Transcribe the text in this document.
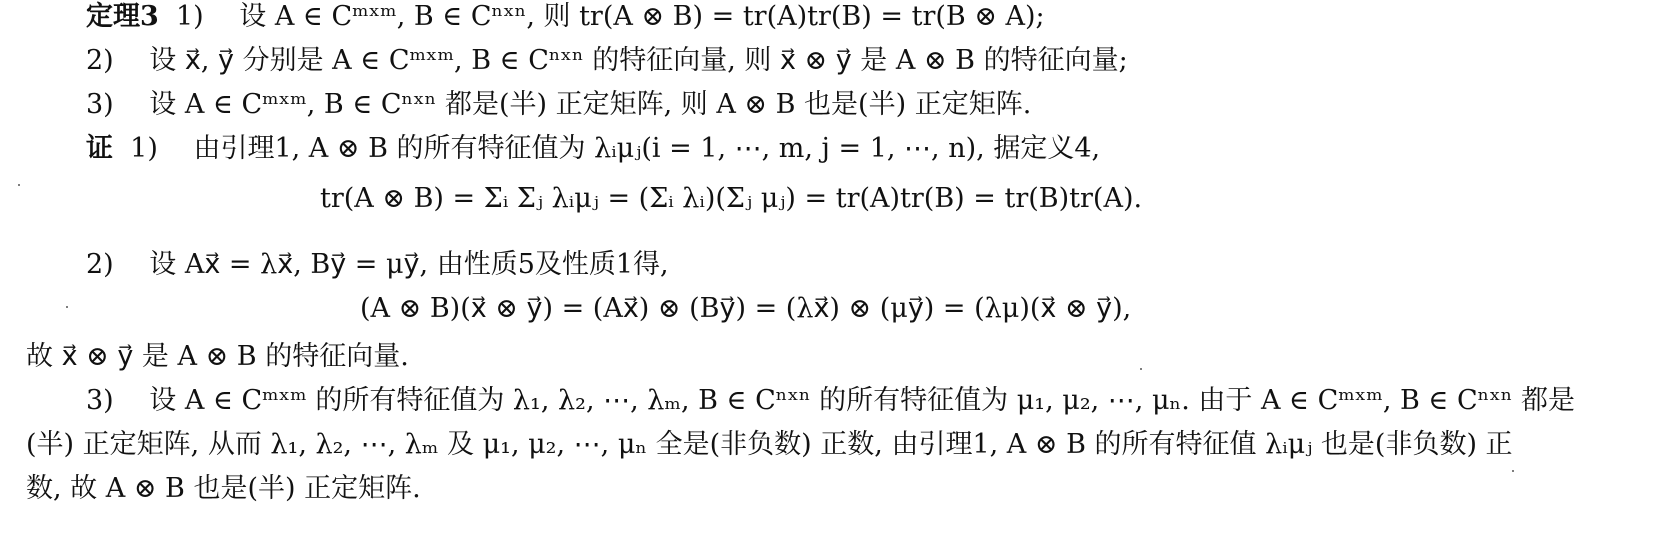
定理3 1)　 设 A ∈ Cᵐˣᵐ, B ∈ Cⁿˣⁿ, 则 tr(A ⊗ B) = tr(A)tr(B) = tr(B ⊗ A);
2)　 设 x⃗, y⃗ 分别是 A ∈ Cᵐˣᵐ, B ∈ Cⁿˣⁿ 的特征向量, 则 x⃗ ⊗ y⃗ 是 A ⊗ B 的特征向量;
3)　 设 A ∈ Cᵐˣᵐ, B ∈ Cⁿˣⁿ 都是(半) 正定矩阵, 则 A ⊗ B 也是(半) 正定矩阵.
证 1)　 由引理1, A ⊗ B 的所有特征值为 λᵢμⱼ(i = 1, ⋯, m, j = 1, ⋯, n), 据定义4,
tr(A ⊗ B) = Σᵢ Σⱼ λᵢμⱼ = (Σᵢ λᵢ)(Σⱼ μⱼ) = tr(A)tr(B) = tr(B)tr(A).
2)　 设 Ax⃗ = λx⃗, By⃗ = μy⃗, 由性质5及性质1得,
(A ⊗ B)(x⃗ ⊗ y⃗) = (Ax⃗) ⊗ (By⃗) = (λx⃗) ⊗ (μy⃗) = (λμ)(x⃗ ⊗ y⃗),
故 x⃗ ⊗ y⃗ 是 A ⊗ B 的特征向量.
3)　 设 A ∈ Cᵐˣᵐ 的所有特征值为 λ₁, λ₂, ⋯, λₘ, B ∈ Cⁿˣⁿ 的所有特征值为 μ₁, μ₂, ⋯, μₙ. 由于 A ∈ Cᵐˣᵐ, B ∈ Cⁿˣⁿ 都是
(半) 正定矩阵, 从而 λ₁, λ₂, ⋯, λₘ 及 μ₁, μ₂, ⋯, μₙ 全是(非负数) 正数, 由引理1, A ⊗ B 的所有特征值 λᵢμⱼ 也是(非负数) 正
数, 故 A ⊗ B 也是(半) 正定矩阵.
